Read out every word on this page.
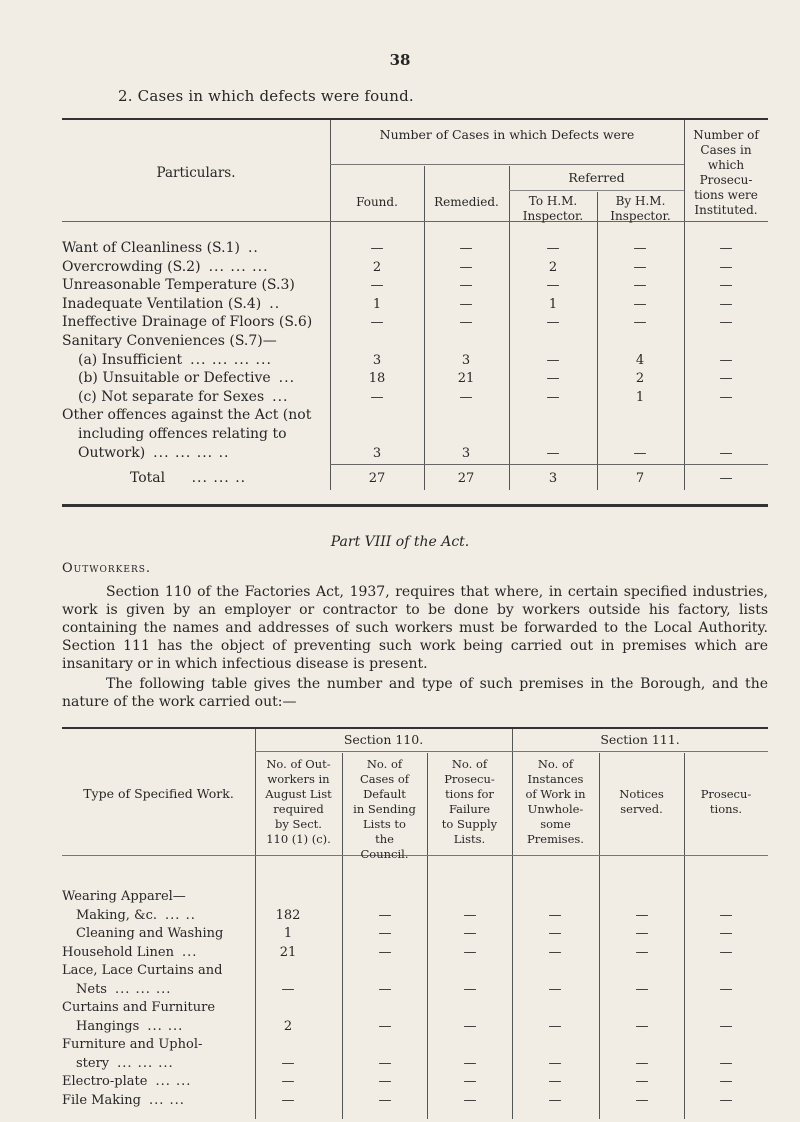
38
2. Cases in which defects were found.
Particulars.
Number of Cases in which Defects were
Found.	Remedied.
Referred
To H.M.
Inspector.
By H.M.
Inspector.
Number of
Cases in
which
Prosecu-
tions were
Instituted.
Want of Cleanliness (S.1) ..	—	—	—	—	—
Overcrowding (S.2) ... ... ...	2	—	2	—	—
Unreasonable Temperature (S.3)	—	—	—	—	—
Inadequate Ventilation (S.4) ..	1	—	1	—	—
Ineffective Drainage of Floors (S.6)	—	—	—	—	—
Sanitary Conveniences (S.7)—
(a) Insufficient ... ... ... ...	3	3	—	4	—
(b) Unsuitable or Defective ...	18	21	—	2	—
(c) Not separate for Sexes ...	—	—	—	1	—
Other offences against the Act (not
including offences relating to
Outwork) ... ... ... ..	3	3	—	—	—
Total ... ... ..	27	27	3	7	—
Part VIII of the Act.
Outworkers.
Section 110 of the Factories Act, 1937, requires that where, in certain specified industries, work is given by an employer or contractor to be done by workers outside his factory, lists containing the names and addresses of such workers must be forwarded to the Local Authority. Section 111 has the object of preventing such work being carried out in premises which are insanitary or in which infectious disease is present.
The following table gives the number and type of such premises in the Borough, and the nature of the work carried out:—
Type of Specified Work.
Section 110.	Section 111.
No. of Out-
workers in
August List
required
by Sect.
110 (1) (c).
No. of
Cases of
Default
in Sending
Lists to
the
Council.
No. of
Prosecu-
tions for
Failure
to Supply
Lists.
No. of
Instances
of Work in
Unwhole-
some
Premises.
Notices
served.
Prosecu-
tions.
Wearing Apparel—
Making, &c. ... ..	182	—	—	—	—	—
Cleaning and Washing	1	—	—	—	—	—
Household Linen ...	21	—	—	—	—	—
Lace, Lace Curtains and
Nets ... ... ...	—	—	—	—	—	—
Curtains and Furniture
Hangings ... ...	2	—	—	—	—	—
Furniture and Uphol-
stery ... ... ...	—	—	—	—	—	—
Electro-plate ... ...	—	—	—	—	—	—
File Making ... ...	—	—	—	—	—	—
